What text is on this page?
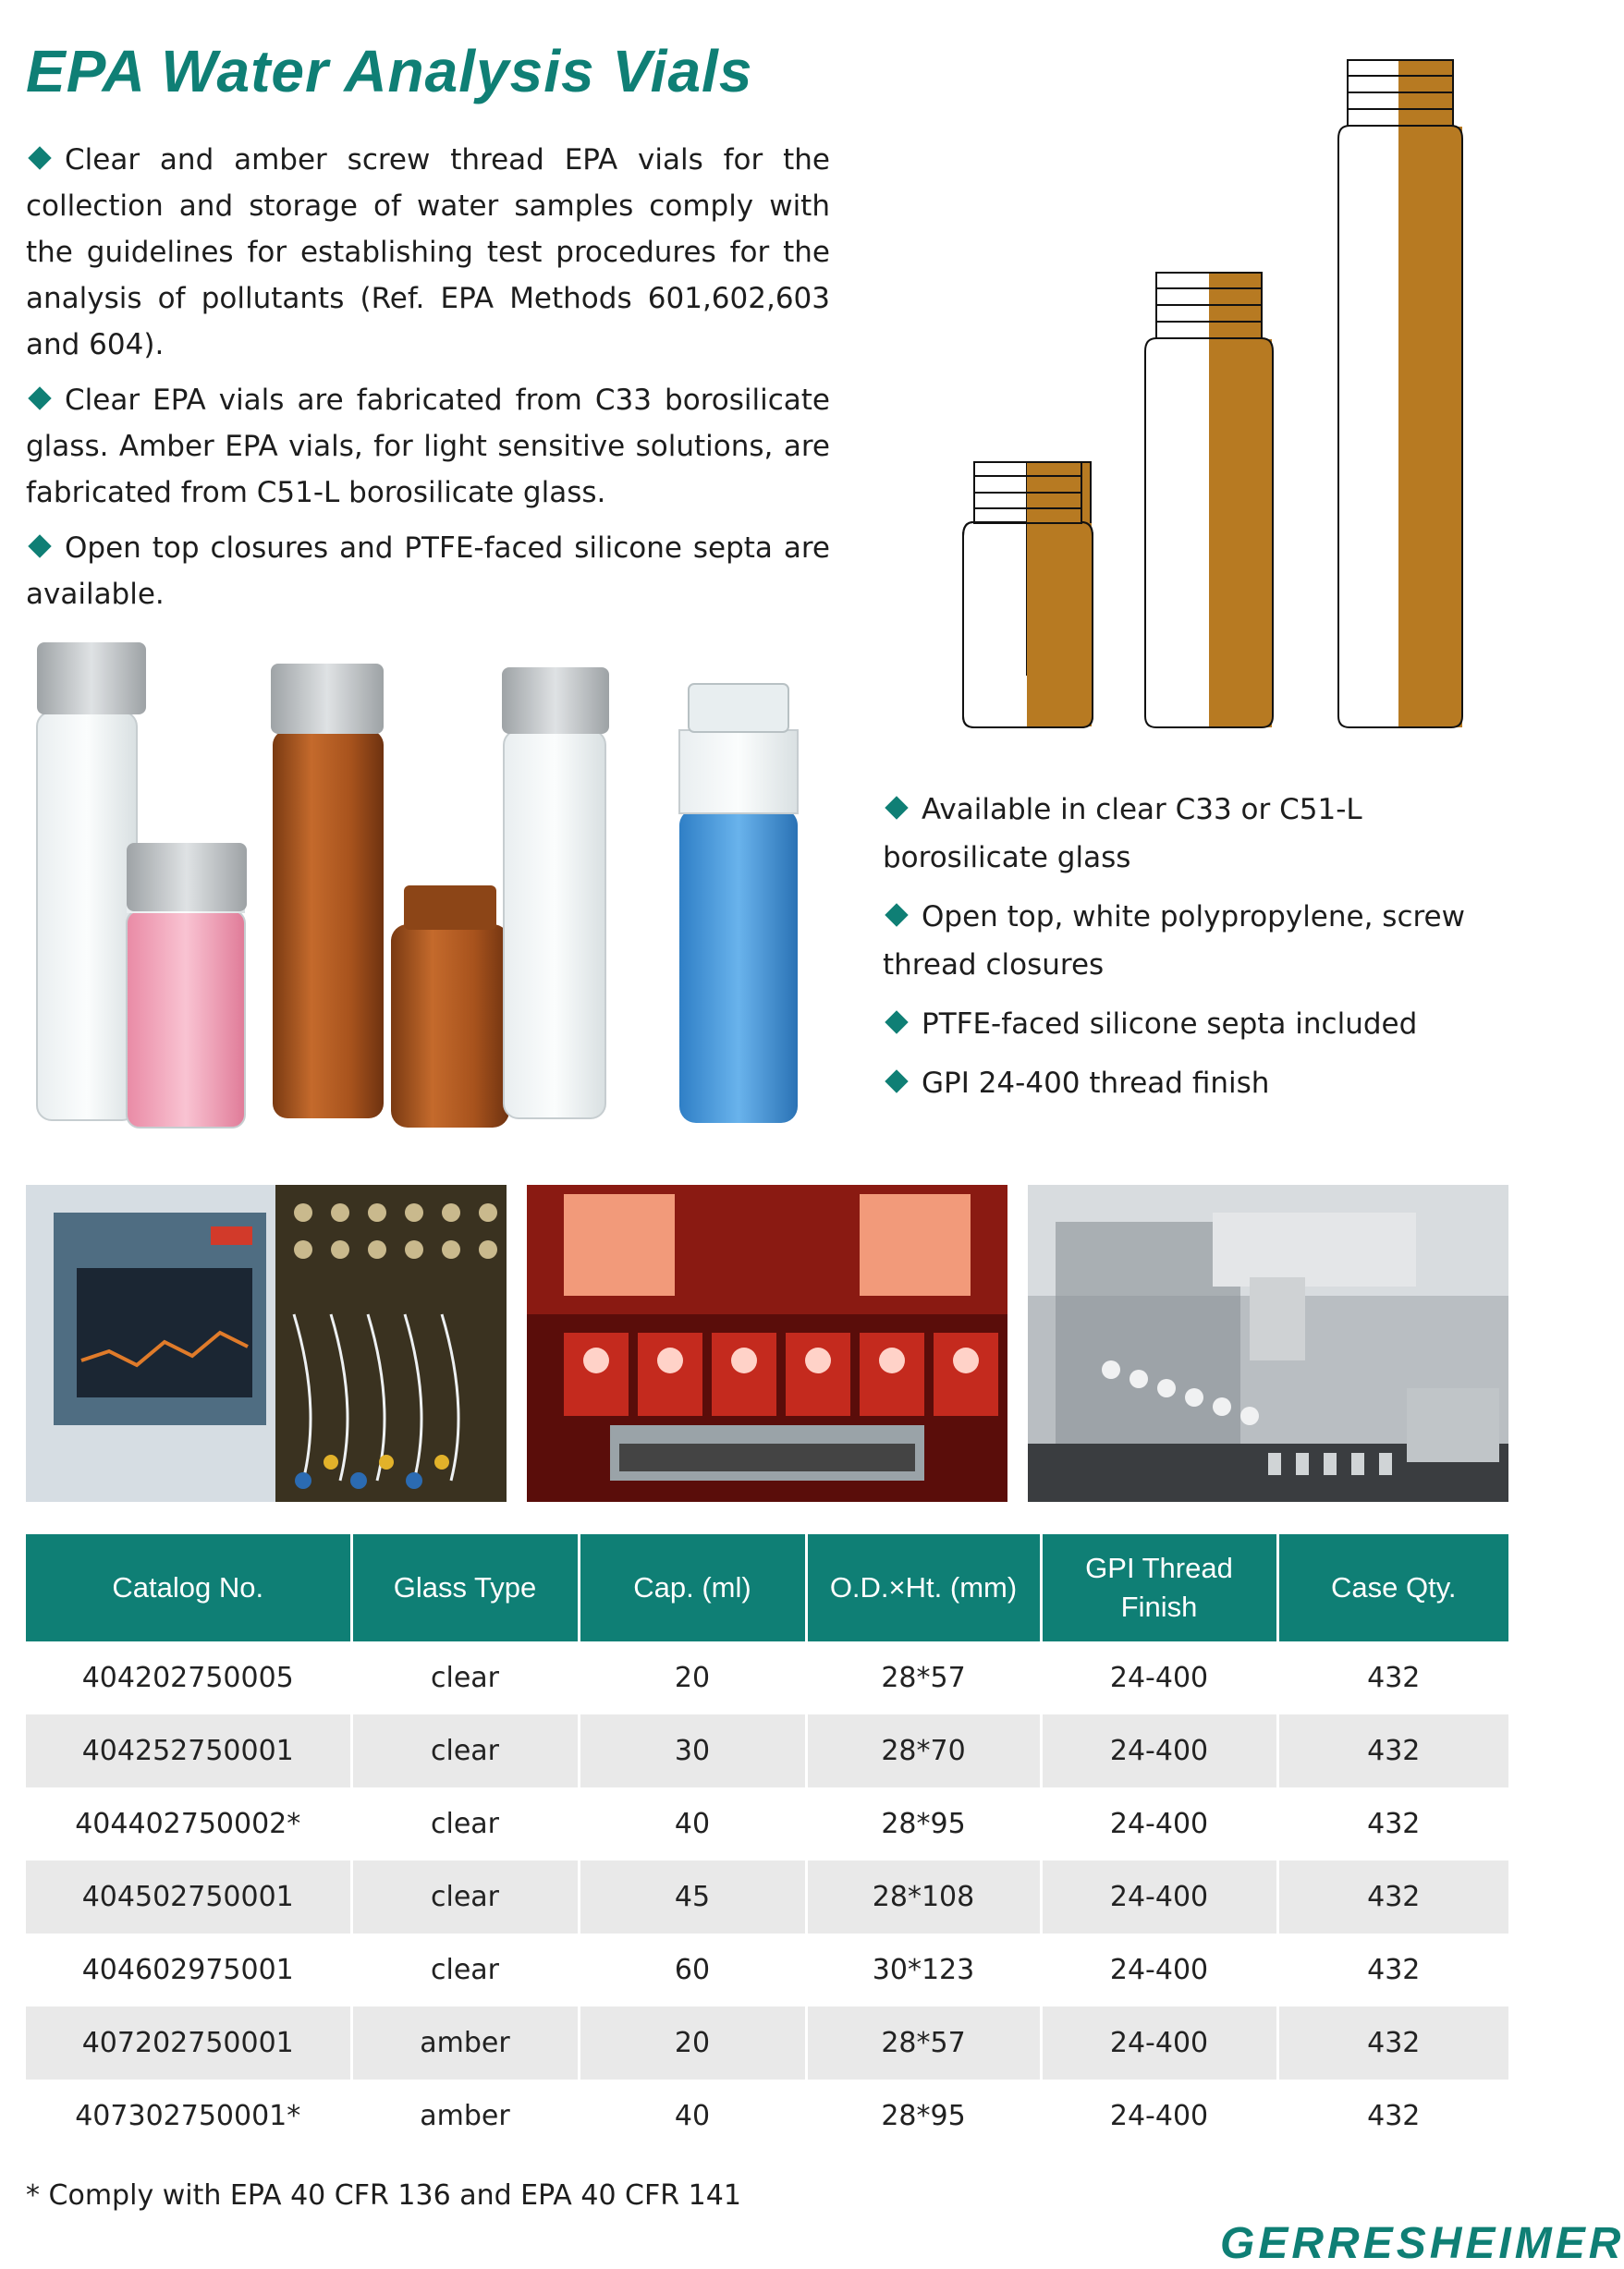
EPA Water Analysis Vials

Clear and amber screw thread EPA vials for the collection and storage of water samples comply with the guidelines for establishing test procedures for the analysis of pollutants (Ref. EPA Methods 601,602,603 and 604).

Clear EPA vials are fabricated from C33 borosilicate glass. Amber EPA vials, for light sensitive solutions, are fabricated from C51-L borosilicate glass.

Open top closures and PTFE-faced silicone septa are available.

Available in clear C33 or C51-L borosilicate glass

Open top, white polypropylene, screw thread closures

PTFE-faced silicone septa included

GPI 24-400 thread finish

Catalog No.	Glass Type	Cap. (ml)	O.D.×Ht. (mm)	GPI Thread Finish	Case Qty.
404202750005	clear	20	28*57	24-400	432
404252750001	clear	30	28*70	24-400	432
404402750002*	clear	40	28*95	24-400	432
404502750001	clear	45	28*108	24-400	432
404602975001	clear	60	30*123	24-400	432
407202750001	amber	20	28*57	24-400	432
407302750001*	amber	40	28*95	24-400	432
* Comply with EPA 40 CFR 136 and EPA 40 CFR 141
GERRESHEIMER
